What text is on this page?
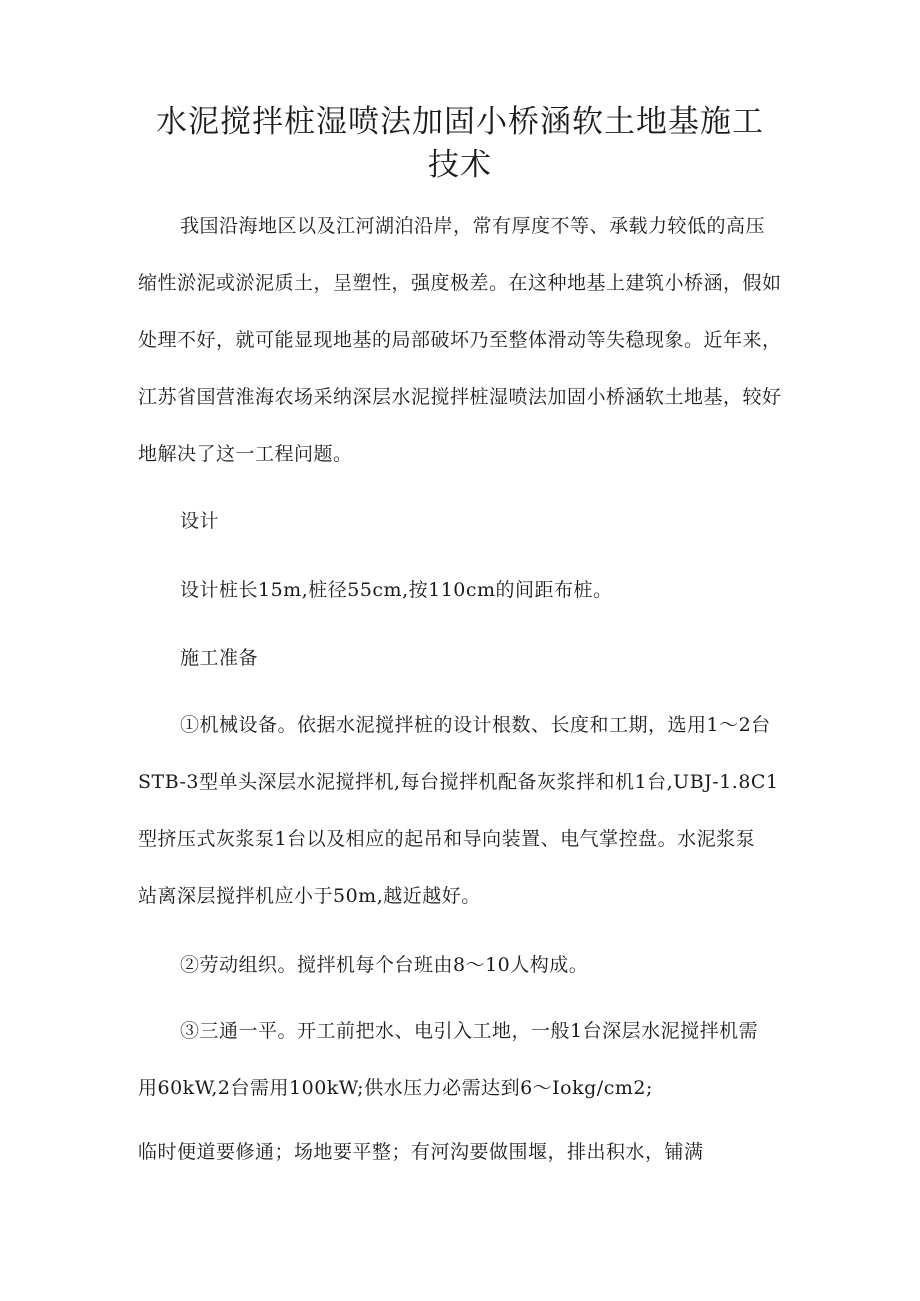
水泥搅拌桩湿喷法加固小桥涵软土地基施工
技术
我国沿海地区以及江河湖泊沿岸，常有厚度不等、承载力较低的高压
缩性淤泥或淤泥质土，呈塑性，强度极差。在这种地基上建筑小桥涵，假如
处理不好，就可能显现地基的局部破坏乃至整体滑动等失稳现象。近年来，
江苏省国营淮海农场采纳深层水泥搅拌桩湿喷法加固小桥涵软土地基，较好
地解决了这一工程问题。
设计
设计桩长15m,桩径55cm,按110cm的间距布桩。
施工准备
①机械设备。依据水泥搅拌桩的设计根数、长度和工期，选用1～2台
STB-3型单头深层水泥搅拌机,每台搅拌机配备灰浆拌和机1台,UBJ-1.8C1
型挤压式灰浆泵1台以及相应的起吊和导向装置、电气掌控盘。水泥浆泵
站离深层搅拌机应小于50m,越近越好。
②劳动组织。搅拌机每个台班由8～10人构成。
③三通一平。开工前把水、电引入工地，一般1台深层水泥搅拌机需
用60kW,2台需用100kW;供水压力必需达到6～Iokg/cm2;
临时便道要修通；场地要平整；有河沟要做围堰，排出积水，铺满
